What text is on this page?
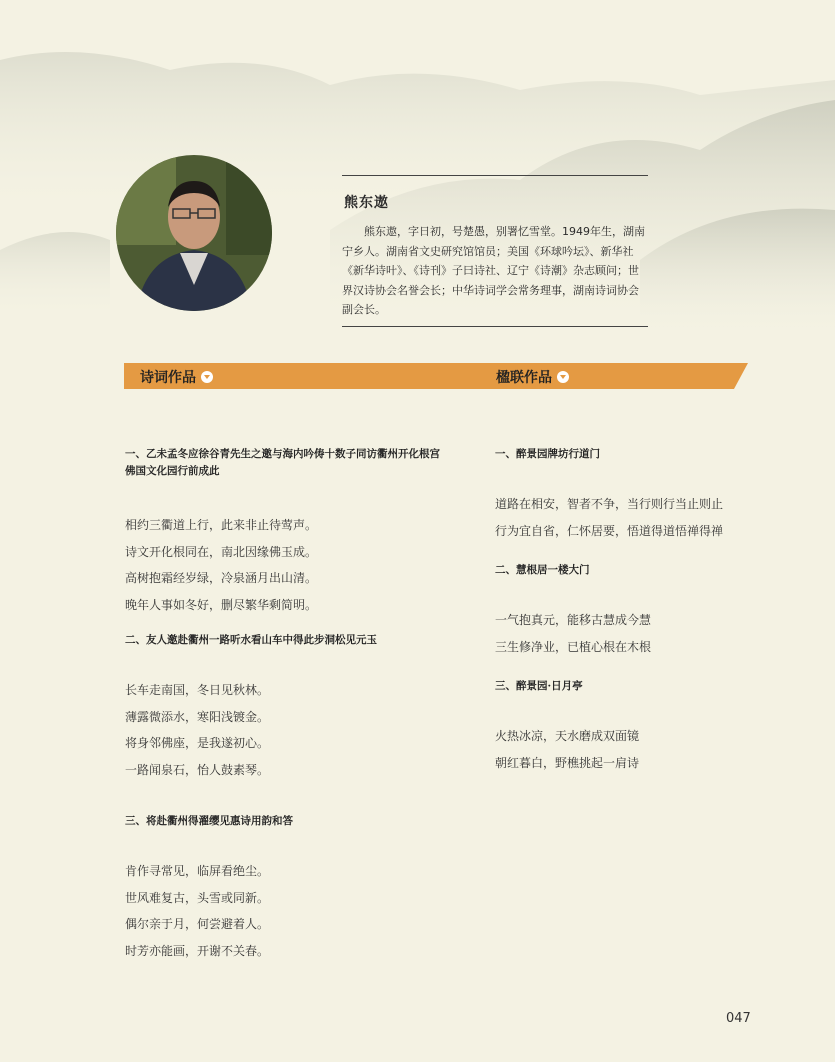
熊东遨

熊东遨，字日初，号楚愚，别署忆雪堂。1949年生，湖南宁乡人。湖南省文史研究馆馆员；美国《环球吟坛》、新华社《新华诗叶》、《诗刊》子曰诗社、辽宁《诗潮》杂志顾问；世界汉诗协会名誉会长；中华诗词学会常务理事，湖南诗词协会副会长。

诗词作品	楹联作品
一、乙未孟冬应徐谷青先生之邀与海内吟俦十数子同访衢州开化根宫佛国文化园行前成此
相约三衢道上行，此来非止待莺声。
诗文开化根同在，南北因缘佛玉成。
高树抱霜经岁绿，冷泉涵月出山清。
晚年人事如冬好，删尽繁华剩简明。
二、友人邀赴衢州一路听水看山车中得此步洞松见元玉
长车走南国，冬日见秋林。
薄露微添水，寒阳浅镀金。
将身邻佛座，是我遂初心。
一路闻泉石，怡人鼓素琴。
三、将赴衢州得濯缨见惠诗用韵和答
肯作寻常见，临屏看绝尘。
世风难复古，头雪或同新。
偶尔亲于月，何尝避着人。
时芳亦能画，开谢不关春。
一、醉景园牌坊行道门
道路在相安，智者不争，当行则行当止则止
行为宜自省，仁怀居要，悟道得道悟禅得禅
二、慧根居一楼大门
一气抱真元，能移古慧成今慧
三生修净业，已植心根在木根
三、醉景园·日月亭
火热冰凉，天水磨成双面镜
朝红暮白，野樵挑起一肩诗
047
